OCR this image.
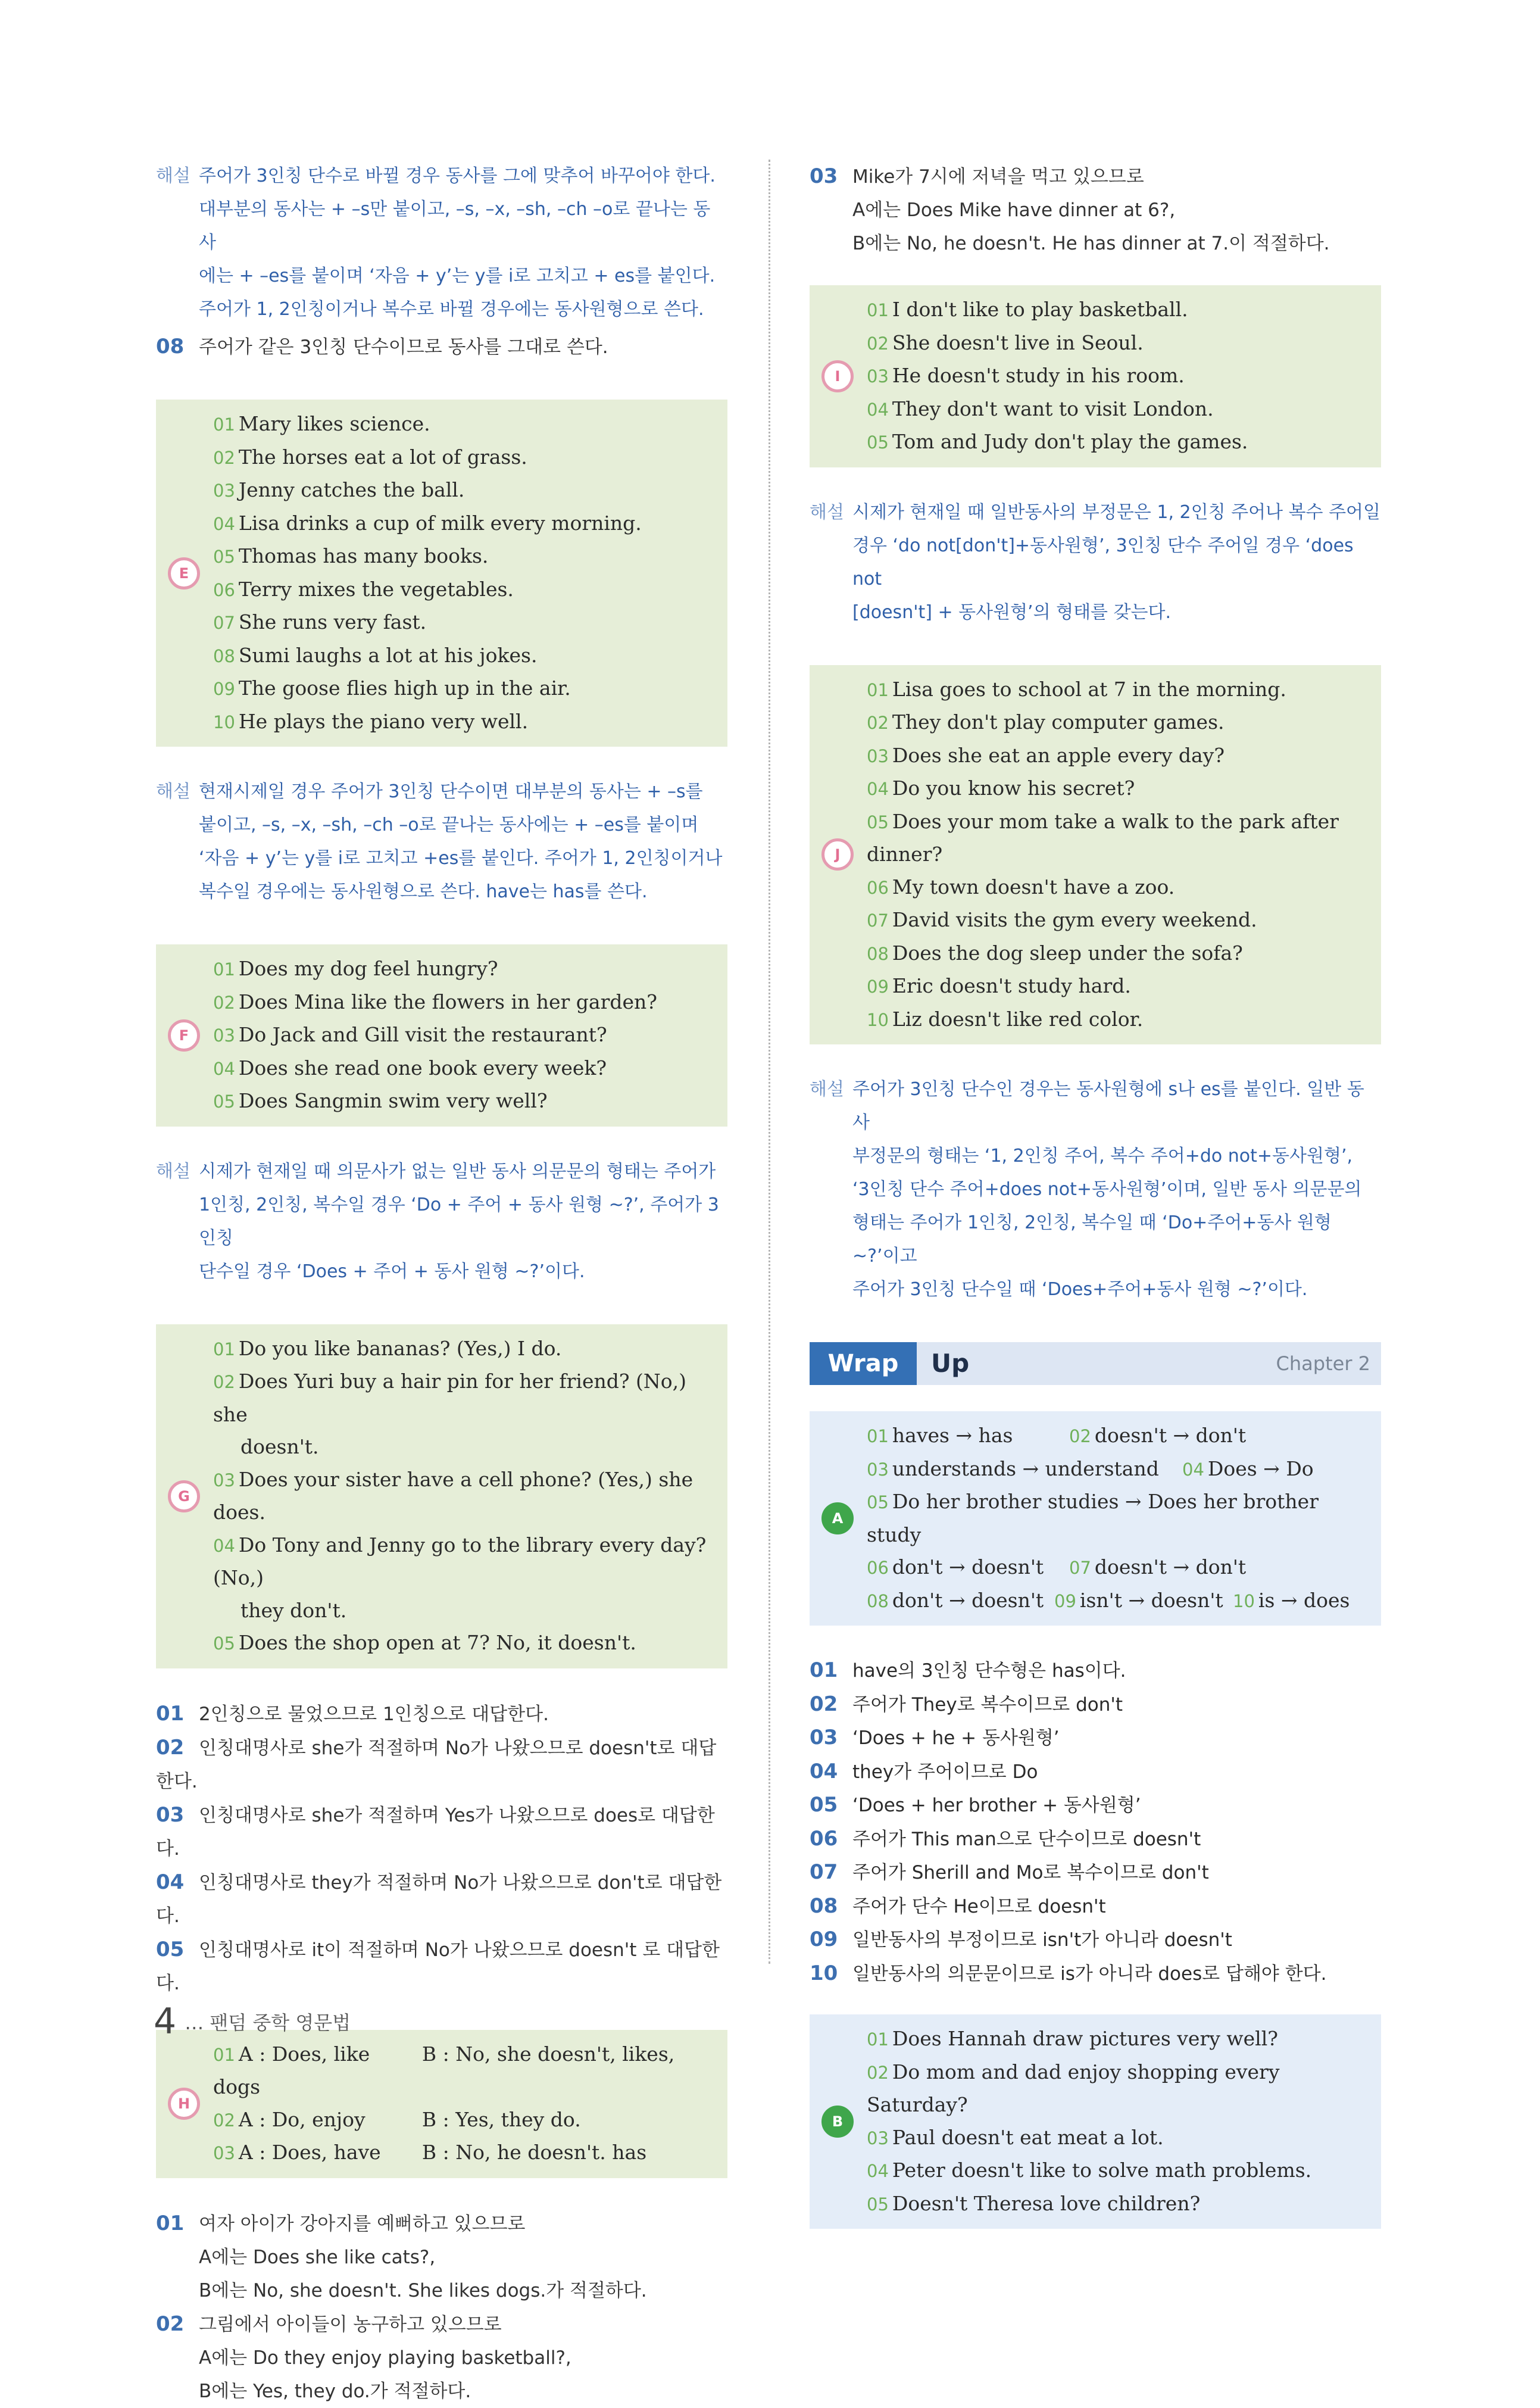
해설 주어가 3인칭 단수로 바뀔 경우 동사를 그에 맞추어 바꾸어야 한다.
대부분의 동사는 + –s만 붙이고, –s, –x, –sh, –ch –o로 끝나는 동사
에는 + –es를 붙이며 ‘자음 + y’는 y를 i로 고치고 + es를 붙인다.
주어가 1, 2인칭이거나 복수로 바뀔 경우에는 동사원형으로 쓴다.
08 주어가 같은 3인칭 단수이므로 동사를 그대로 쓴다.
E
01 Mary likes science.
02 The horses eat a lot of grass.
03 Jenny catches the ball.
04 Lisa drinks a cup of milk every morning.
05 Thomas has many books.
06 Terry mixes the vegetables.
07 She runs very fast.
08 Sumi laughs a lot at his jokes.
09 The goose flies high up in the air.
10 He plays the piano very well.
해설 현재시제일 경우 주어가 3인칭 단수이면 대부분의 동사는 + –s를
붙이고, –s, –x, –sh, –ch –o로 끝나는 동사에는 + –es를 붙이며
‘자음 + y’는 y를 i로 고치고 +es를 붙인다. 주어가 1, 2인칭이거나
복수일 경우에는 동사원형으로 쓴다. have는 has를 쓴다.
F
01 Does my dog feel hungry?
02 Does Mina like the flowers in her garden?
03 Do Jack and Gill visit the restaurant?
04 Does she read one book every week?
05 Does Sangmin swim very well?
해설 시제가 현재일 때 의문사가 없는 일반 동사 의문문의 형태는 주어가
1인칭, 2인칭, 복수일 경우 ‘Do + 주어 + 동사 원형 ~?’, 주어가 3인칭
단수일 경우 ‘Does + 주어 + 동사 원형 ~?’이다.
G
01 Do you like bananas? (Yes,) I do.
02 Does Yuri buy a hair pin for her friend? (No,) she
doesn't.
03 Does your sister have a cell phone? (Yes,) she does.
04 Do Tony and Jenny go to the library every day? (No,)
they don't.
05 Does the shop open at 7? No, it doesn't.
01 2인칭으로 물었으므로 1인칭으로 대답한다.
02 인칭대명사로 she가 적절하며 No가 나왔으므로 doesn't로 대답한다.
03 인칭대명사로 she가 적절하며 Yes가 나왔으므로 does로 대답한다.
04 인칭대명사로 they가 적절하며 No가 나왔으므로 don't로 대답한다.
05 인칭대명사로 it이 적절하며 No가 나왔으므로 doesn't 로 대답한다.
H
01 A : Does, like	B : No, she doesn't, likes, dogs
02 A : Do, enjoy	B : Yes, they do.
03 A : Does, have B : No, he doesn't. has
01 여자 아이가 강아지를 예뻐하고 있으므로
A에는 Does she like cats?,
B에는 No, she doesn't. She likes dogs.가 적절하다.
02 그림에서 아이들이 농구하고 있으므로
A에는 Do they enjoy playing basketball?,
B에는 Yes, they do.가 적절하다.
03 Mike가 7시에 저녁을 먹고 있으므로
A에는 Does Mike have dinner at 6?,
B에는 No, he doesn't. He has dinner at 7.이 적절하다.
I
01 I don't like to play basketball.
02 She doesn't live in Seoul.
03 He doesn't study in his room.
04 They don't want to visit London.
05 Tom and Judy don't play the games.
해설 시제가 현재일 때 일반동사의 부정문은 1, 2인칭 주어나 복수 주어일
경우 ‘do not[don't]+동사원형’, 3인칭 단수 주어일 경우 ‘does not
[doesn't] + 동사원형’의 형태를 갖는다.
J
01 Lisa goes to school at 7 in the morning.
02 They don't play computer games.
03 Does she eat an apple every day?
04 Do you know his secret?
05 Does your mom take a walk to the park after dinner?
06 My town doesn't have a zoo.
07 David visits the gym every weekend.
08 Does the dog sleep under the sofa?
09 Eric doesn't study hard.
10 Liz doesn't like red color.
해설 주어가 3인칭 단수인 경우는 동사원형에 s나 es를 붙인다. 일반 동사
부정문의 형태는 ‘1, 2인칭 주어, 복수 주어+do not+동사원형’,
‘3인칭 단수 주어+does not+동사원형’이며, 일반 동사 의문문의
형태는 주어가 1인칭, 2인칭, 복수일 때 ‘Do+주어+동사 원형 ~?’이고
주어가 3인칭 단수일 때 ‘Does+주어+동사 원형 ~?’이다.
Wrap	Up	Chapter 2
A
01 haves → has	02 doesn't → don't
03 understands → understand 04 Does → Do
05 Do her brother studies → Does her brother study
06 don't → doesn't 07 doesn't → don't
08 don't → doesn't 09 isn't → doesn't 10 is → does
01 have의 3인칭 단수형은 has이다.
02 주어가 They로 복수이므로 don't
03 ‘Does + he + 동사원형’
04 they가 주어이므로 Do
05 ‘Does + her brother + 동사원형’
06 주어가 This man으로 단수이므로 doesn't
07 주어가 Sherill and Mo로 복수이므로 don't
08 주어가 단수 He이므로 doesn't
09 일반동사의 부정이므로 isn't가 아니라 doesn't
10 일반동사의 의문문이므로 is가 아니라 does로 답해야 한다.
B
01 Does Hannah draw pictures very well?
02 Do mom and dad enjoy shopping every Saturday?
03 Paul doesn't eat meat a lot.
04 Peter doesn't like to solve math problems.
05 Doesn't Theresa love children?
4 … 팬덤 중학 영문법
